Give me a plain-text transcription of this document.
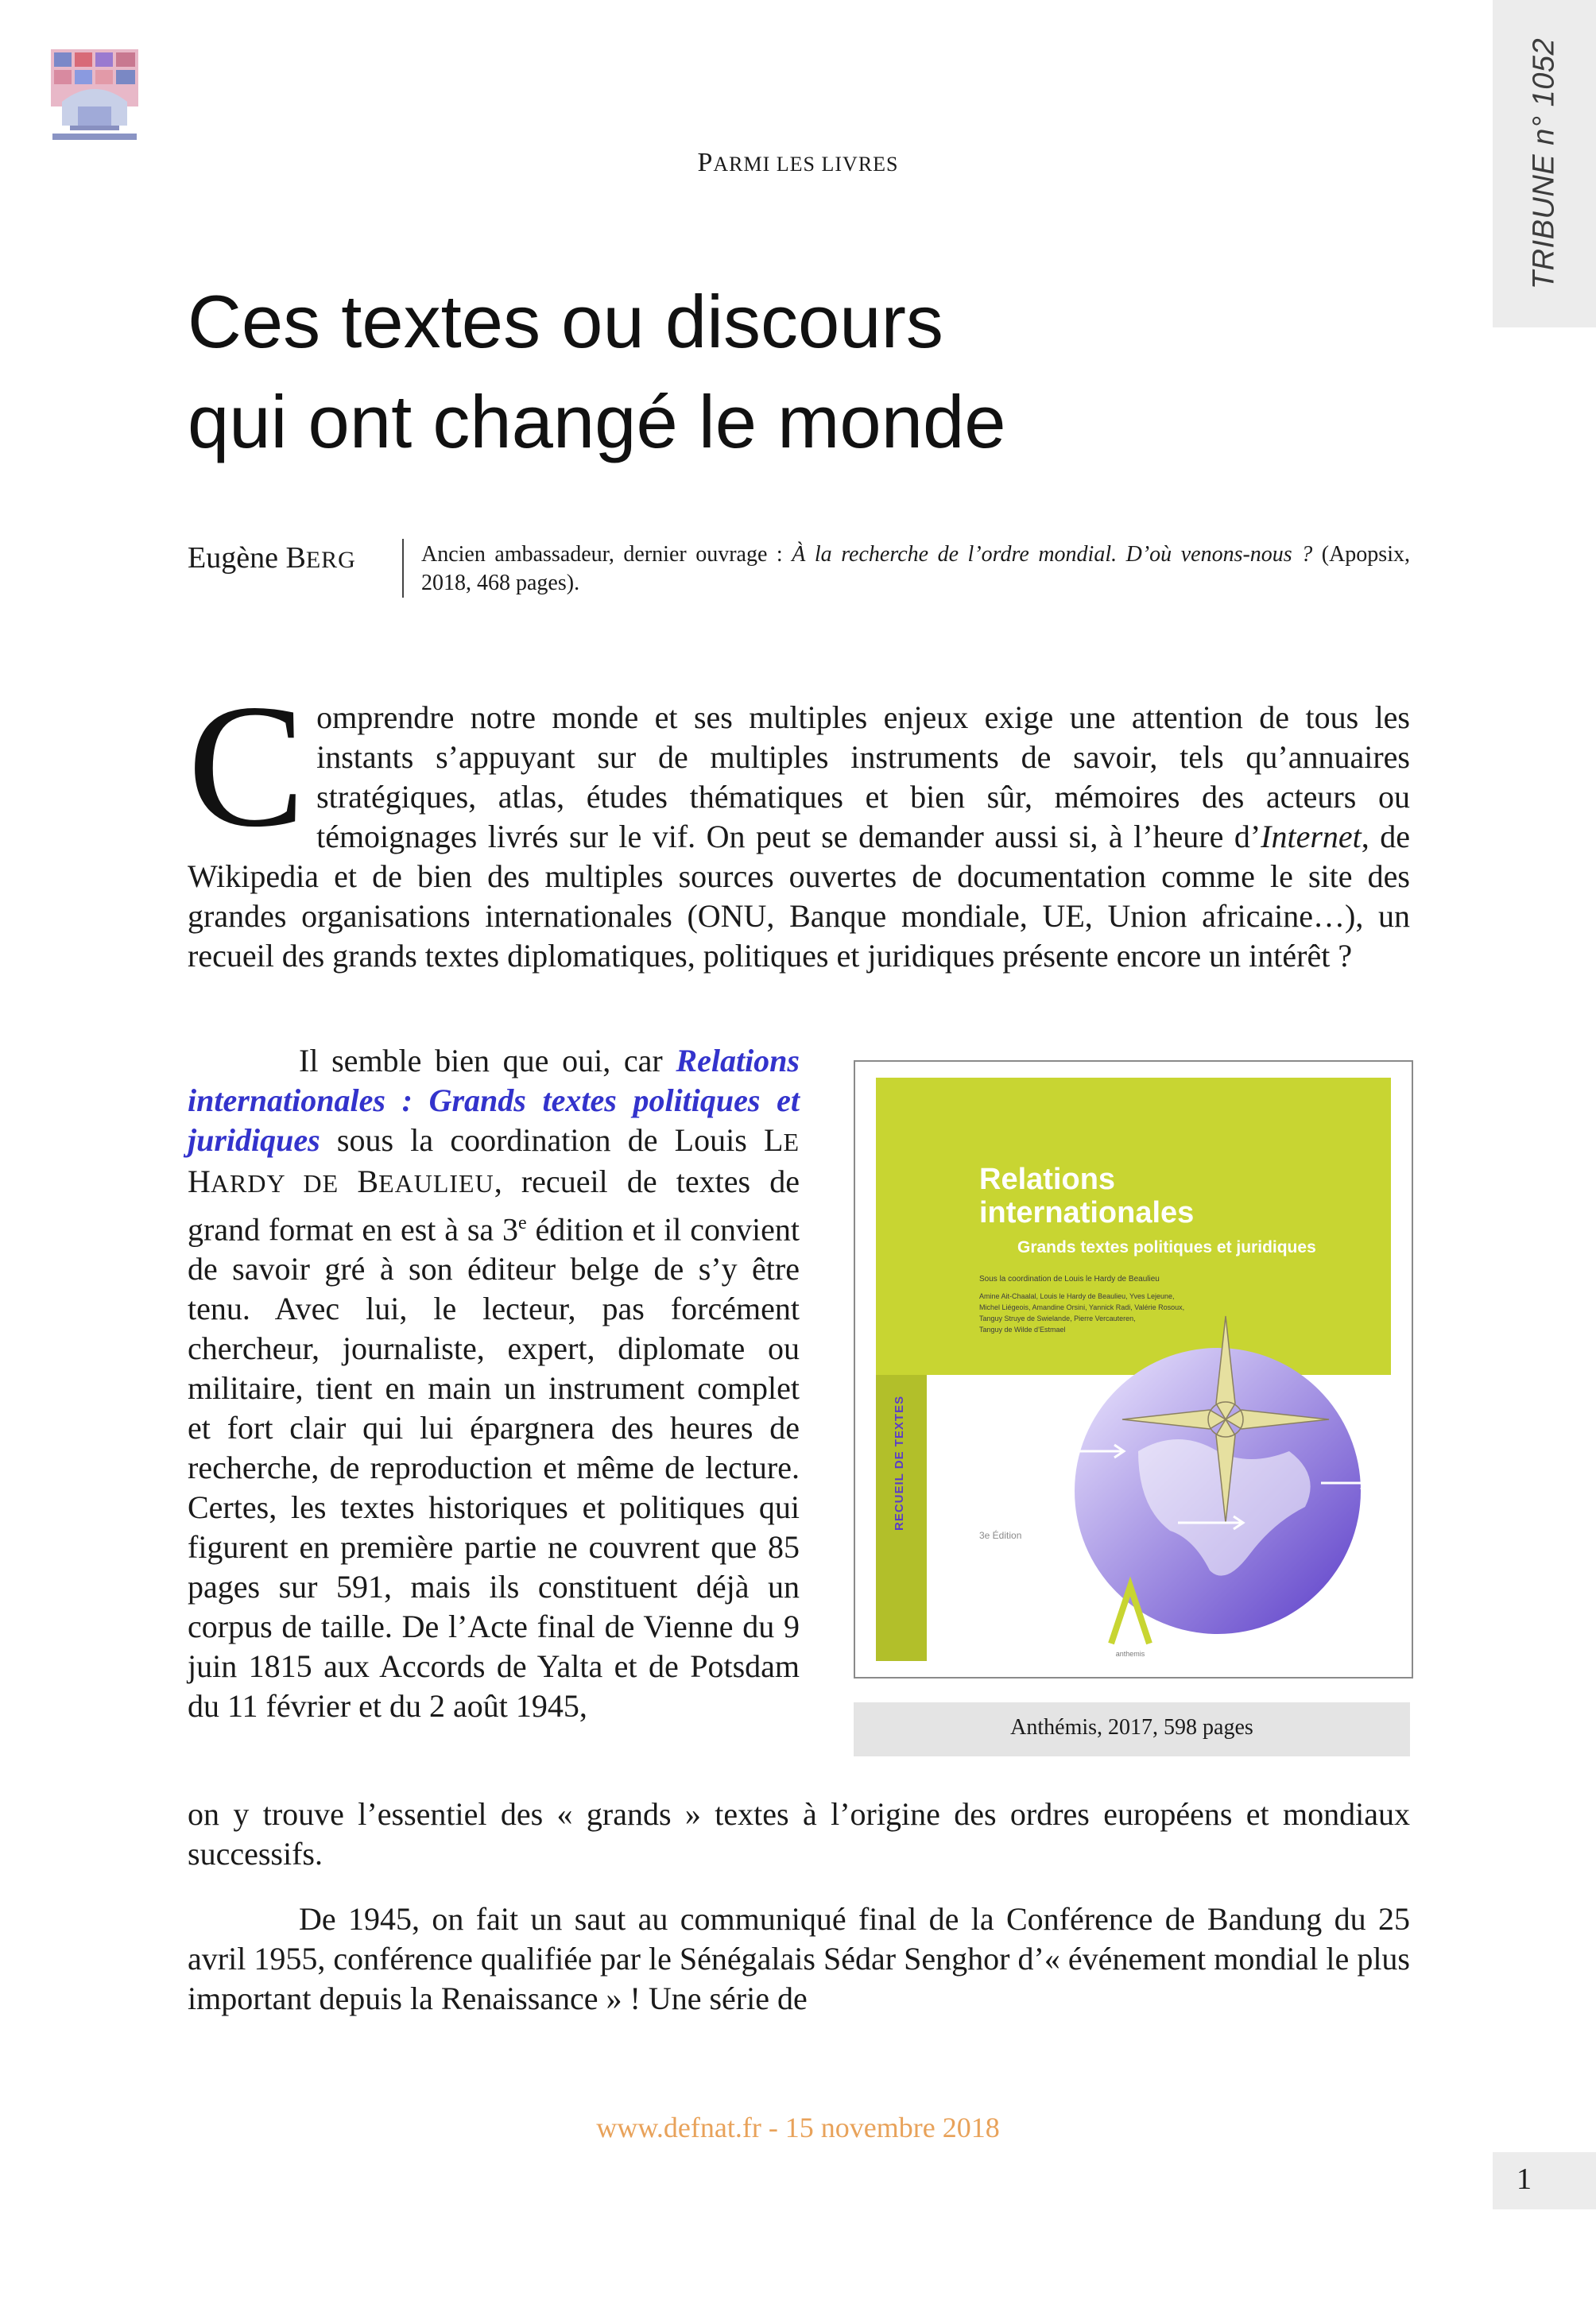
TRIBUNE n° 1052
PARMI LES LIVRES
Ces textes ou discours
qui ont changé le monde
Eugène BERG	Ancien ambassadeur, dernier ouvrage : À la recherche de l’ordre mondial. D’où venons-nous ? (Apopsix, 2018, 468 pages).
Comprendre notre monde et ses multiples enjeux exige une attention de tous les instants s’appuyant sur de multiples instruments de savoir, tels qu’annuaires stratégiques, atlas, études thématiques et bien sûr, mémoires des acteurs ou témoignages livrés sur le vif. On peut se demander aussi si, à l’heure d’Internet, de Wikipedia et de bien des multiples sources ouvertes de documentation comme le site des grandes organisations internationales (ONU, Banque mondiale, UE, Union africaine…), un recueil des grands textes diplomatiques, politiques et juridiques présente encore un intérêt ?
Il semble bien que oui, car Relations internationales : Grands textes politiques et juridiques sous la coordination de Louis LE HARDY DE BEAULIEU, recueil de textes de grand format en est à sa 3e édition et il convient de savoir gré à son éditeur belge de s’y être tenu. Avec lui, le lecteur, pas forcément chercheur, journaliste, expert, diplomate ou militaire, tient en main un instrument complet et fort clair qui lui épargnera des heures de recherche, de reproduction et même de lecture. Certes, les textes historiques et politiques qui figurent en première partie ne couvrent que 85 pages sur 591, mais ils constituent déjà un corpus de taille. De l’Acte final de Vienne du 9 juin 1815 aux Accords de Yalta et de Potsdam du 11 février et du 2 août 1945,
on y trouve l’essentiel des « grands » textes à l’origine des ordres européens et mondiaux successifs.
De 1945, on fait un saut au communiqué final de la Conférence de Bandung du 25 avril 1955, conférence qualifiée par le Sénégalais Sédar Senghor d’« événement mondial le plus important depuis la Renaissance » ! Une série de
RECUEIL DE TEXTES
Relations
internationales
Grands textes politiques et juridiques
Sous la coordination de Louis le Hardy de Beaulieu
Amine Ait-Chaalal, Louis le Hardy de Beaulieu, Yves Lejeune,
Michel Liégeois, Amandine Orsini, Yannick Radi, Valérie Rosoux,
Tanguy Struye de Swielande, Pierre Vercauteren,
Tanguy de Wilde d’Estmael
3e Édition
anthemis
Anthémis, 2017, 598 pages
www.defnat.fr - 15 novembre 2018
1
